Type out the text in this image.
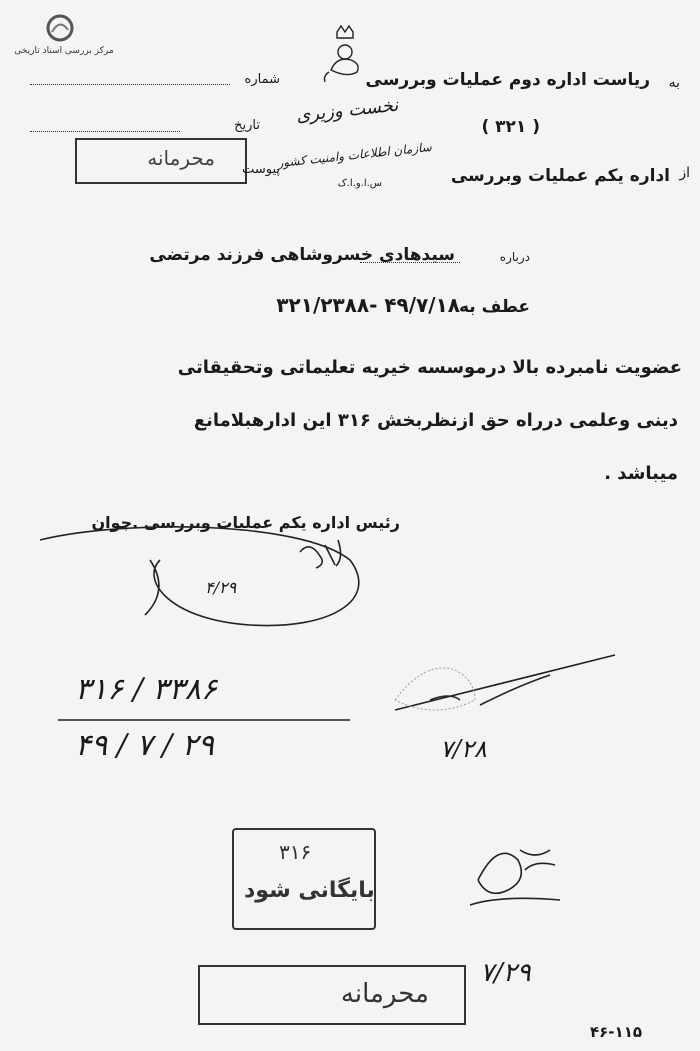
مرکز بررسی اسناد تاریخی
به
ریاست اداره دوم عملیات وبررسی
شماره
تاریخ نخست وزیری
( ۳۲۱ )
محرمانه پیوست
سازمان اطلاعات وامنیت کشور
س.ا.و.ا.ک
از
اداره یکم عملیات وبررسی
درباره
سیدهادی خسروشاهی فرزند مرتضی
عطف به
۳۲۱/۲۳۸۸- ۴۹/۷/۱۸
عضویت نامبرده بالا درموسسه خیریه تعلیماتی وتحقیقاتی
دینی وعلمی درراه حق ازنظربخش ۳۱۶ این ادارهبلامانع
میباشد .
رئیس اداره یکم عملیات وبررسی .جوان
۴/۲۹
۳۱۶ / ۳۳۸۶
۴۹ / ۷ / ۲۹	۷/۲۸
۳۱۶
بایگانی شود
۷/۲۹
محرمانه
۴۶-۱۱۵
